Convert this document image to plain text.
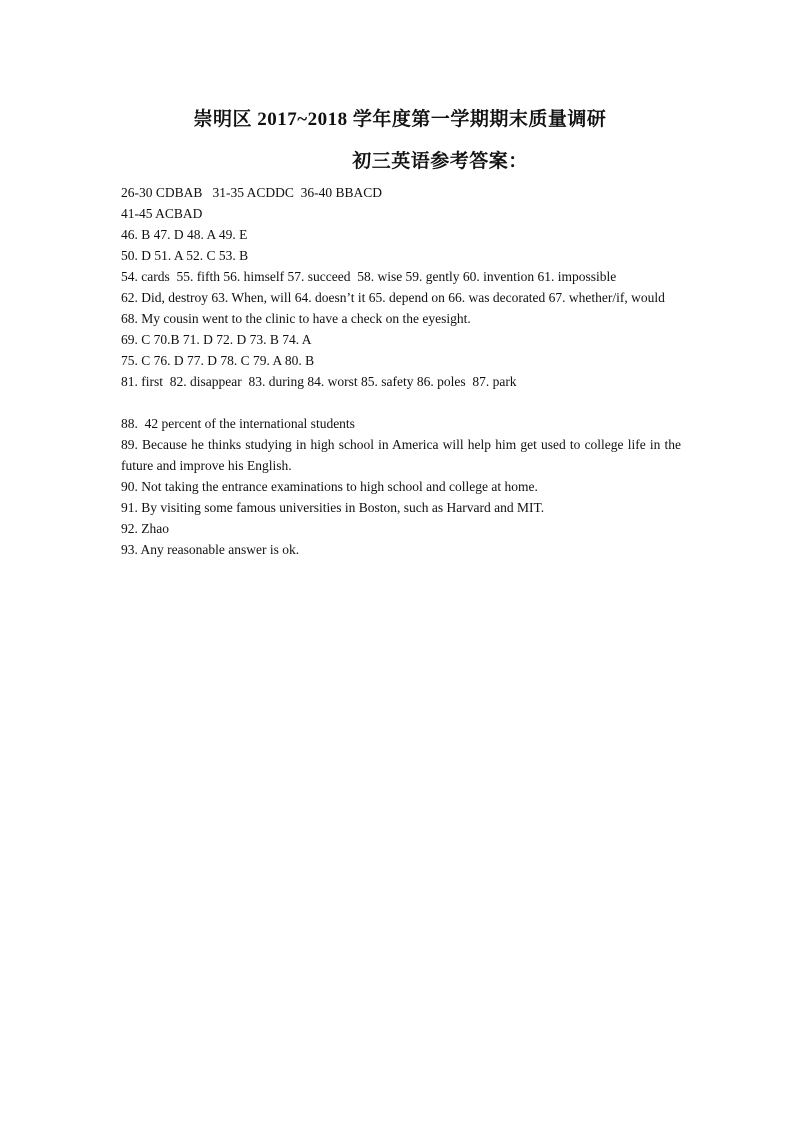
崇明区 2017~2018 学年度第一学期期末质量调研
初三英语参考答案：
26-30 CDBAB   31-35 ACDDC  36-40 BBACD
41-45 ACBAD
46. B 47. D 48. A 49. E
50. D 51. A 52. C 53. B
54. cards  55. fifth 56. himself 57. succeed  58. wise 59. gently 60. invention 61. impossible
62. Did, destroy 63. When, will 64. doesn’t it 65. depend on 66. was decorated 67. whether/if, would
68. My cousin went to the clinic to have a check on the eyesight.
69. C 70.B 71. D 72. D 73. B 74. A
75. C 76. D 77. D 78. C 79. A 80. B
81. first  82. disappear  83. during 84. worst 85. safety 86. poles  87. park
88.  42 percent of the international students
89. Because he thinks studying in high school in America will help him get used to college life in the future and improve his English.
90. Not taking the entrance examinations to high school and college at home.
91. By visiting some famous universities in Boston, such as Harvard and MIT.
92. Zhao
93. Any reasonable answer is ok.
